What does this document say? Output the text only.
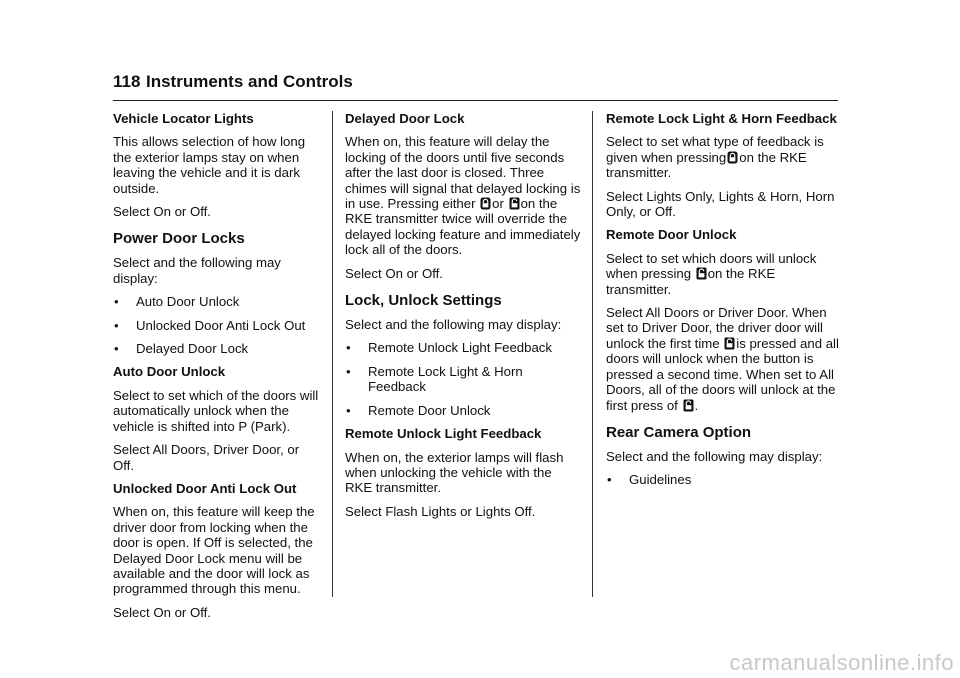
118 Instruments and Controls

Vehicle Locator Lights

This allows selection of how long the exterior lamps stay on when leaving the vehicle and it is dark outside.

Select On or Off.

Power Door Locks

Select and the following may display:

•	Auto Door Unlock
•	Unlocked Door Anti Lock Out
•	Delayed Door Lock

Auto Door Unlock

Select to set which of the doors will automatically unlock when the vehicle is shifted into P (Park).

Select All Doors, Driver Door, or Off.

Unlocked Door Anti Lock Out

When on, this feature will keep the driver door from locking when the door is open. If Off is selected, the Delayed Door Lock menu will be available and the door will lock as programmed through this menu.

Select On or Off.

Delayed Door Lock

When on, this feature will delay the locking of the doors until five seconds after the last door is closed. Three chimes will signal that delayed locking is in use. Pressing either or on the RKE transmitter twice will override the delayed locking feature and immediately lock all of the doors.

Select On or Off.

Lock, Unlock Settings

Select and the following may display:

•	Remote Unlock Light Feedback
•	Remote Lock Light & Horn Feedback
•	Remote Door Unlock

Remote Unlock Light Feedback

When on, the exterior lamps will flash when unlocking the vehicle with the RKE transmitter.

Select Flash Lights or Lights Off.

Remote Lock Light & Horn Feedback

Select to set what type of feedback is given when pressing on the RKE transmitter.

Select Lights Only, Lights & Horn, Horn Only, or Off.

Remote Door Unlock

Select to set which doors will unlock when pressing on the RKE transmitter.

Select All Doors or Driver Door. When set to Driver Door, the driver door will unlock the first time is pressed and all doors will unlock when the button is pressed a second time. When set to All Doors, all of the doors will unlock at the first press of .

Rear Camera Option

Select and the following may display:

•	Guidelines
carmanualsonline.info
